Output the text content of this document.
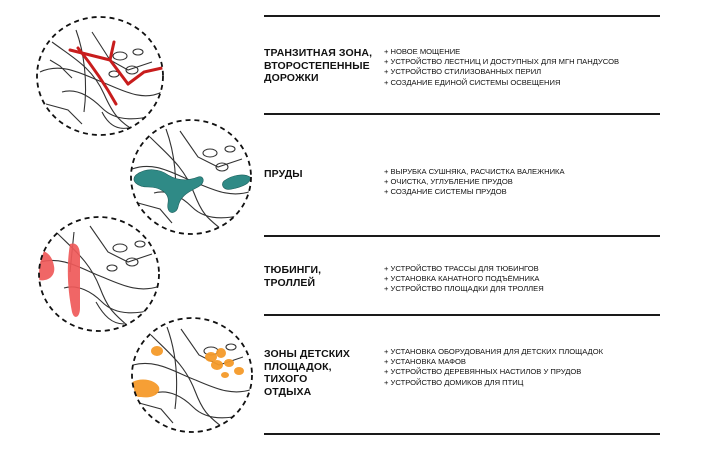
ТРАНЗИТНАЯ ЗОНА,
ВТОРОСТЕПЕННЫЕ
ДОРОЖКИ
+ НОВОЕ МОЩЕНИЕ
+ УСТРОЙСТВО ЛЕСТНИЦ И ДОСТУПНЫХ ДЛЯ МГН ПАНДУСОВ
+ УСТРОЙСТВО СТИЛИЗОВАННЫХ ПЕРИЛ
+ СОЗДАНИЕ ЕДИНОЙ СИСТЕМЫ ОСВЕЩЕНИЯ
ПРУДЫ	+ ВЫРУБКА СУШНЯКА, РАСЧИСТКА ВАЛЕЖНИКА
+ ОЧИСТКА, УГЛУБЛЕНИЕ ПРУДОВ
+ СОЗДАНИЕ СИСТЕМЫ ПРУДОВ
ТЮБИНГИ,
ТРОЛЛЕЙ
+ УСТРОЙСТВО ТРАССЫ ДЛЯ ТЮБИНГОВ
+ УСТАНОВКА КАНАТНОГО ПОДЪЁМНИКА
+ УСТРОЙСТВО ПЛОЩАДКИ ДЛЯ ТРОЛЛЕЯ
ЗОНЫ ДЕТСКИХ
ПЛОЩАДОК,
ТИХОГО
ОТДЫХА
+ УСТАНОВКА ОБОРУДОВАНИЯ ДЛЯ ДЕТСКИХ ПЛОЩАДОК
+ УСТАНОВКА МАФОВ
+ УСТРОЙСТВО ДЕРЕВЯННЫХ НАСТИЛОВ У ПРУДОВ
+ УСТРОЙСТВО ДОМИКОВ ДЛЯ ПТИЦ
